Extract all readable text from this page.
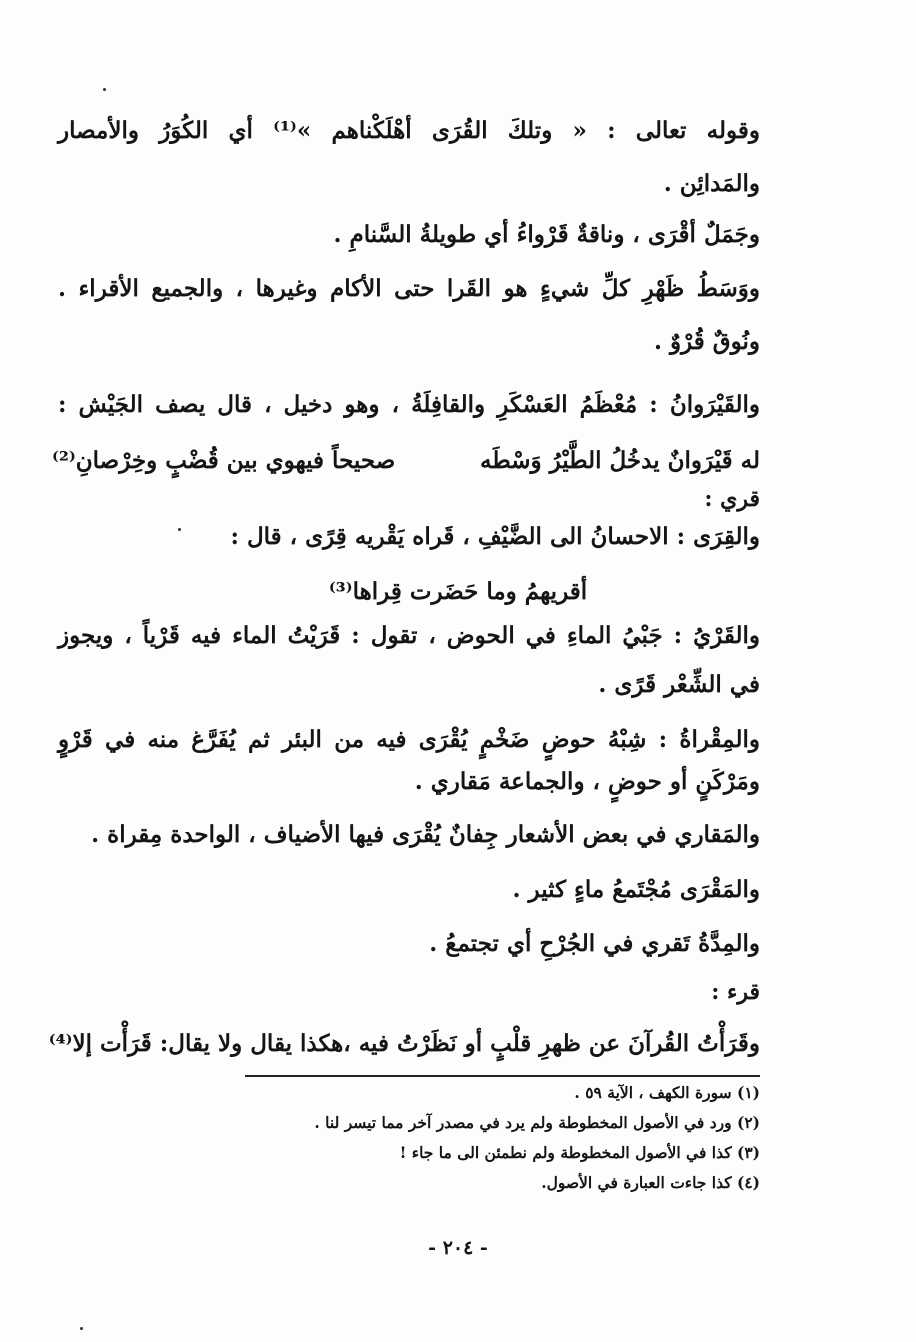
وقوله تعالى : « وتلكَ القُرَى أهْلَكْناهم »⁽¹⁾ أي الكُوَرُ والأمصار
والمَدائِن .
وجَمَلٌ أقْرَى ، وناقةٌ قَرْواءُ أي طويلةُ السَّنامِ .
ووَسَطُ ظَهْرِ كلِّ شيءٍ هو القَرا حتى الأكام وغيرها ، والجميع الأقراء .
ونُوقٌ قُرْوٌ .
والقَيْرَوانُ : مُعْظَمُ العَسْكَرِ والقافِلَةُ ، وهو دخيل ، قال يصف الجَيْش :
له قَيْرَوانٌ يدخُلُ الطَّيْرُ وَسْطَه
صحيحاً فيهوي بين قُضْبٍ وخِرْصانِ⁽²⁾
قري :
والقِرَى : الاحسانُ الى الضَّيْفِ ، قَراه يَقْريه قِرًى ، قال :
أقريهمُ وما حَضَرت قِراها⁽³⁾
والقَرْيُ : جَبْيُ الماءِ في الحوض ، تقول : قَرَيْتُ الماء فيه قَرْياً ، ويجوز
في الشِّعْر قَرًى .
والمِقْراةُ : شِبْهُ حوضٍ ضَخْمٍ يُقْرَى فيه من البئر ثم يُفَرَّغ منه في قَرْوٍ
ومَرْكَنٍ أو حوضٍ ، والجماعة مَقاري .
والمَقاري في بعض الأشعار جِفانٌ يُقْرَى فيها الأضياف ، الواحدة مِقراة .
والمَقْرَى مُجْتَمعُ ماءٍ كثير .
والمِدَّةُ تَقري في الجُرْحِ أي تجتمعُ .
قرء :
وقَرَأْتُ القُرآنَ عن ظهرِ قلْبٍ أو نَظَرْتُ فيه ،هكذا يقال ولا يقال: قَرَأْت إلا⁽⁴⁾
(١) سورة الكهف ، الآية ٥٩ .
(٢) ورد في الأصول المخطوطة ولم يرد في مصدر آخر مما تيسر لنا .
(٣) كذا في الأصول المخطوطة ولم نطمئن الى ما جاء !
(٤) كذا جاءت العبارة في الأصول.
- ٢٠٤ -
